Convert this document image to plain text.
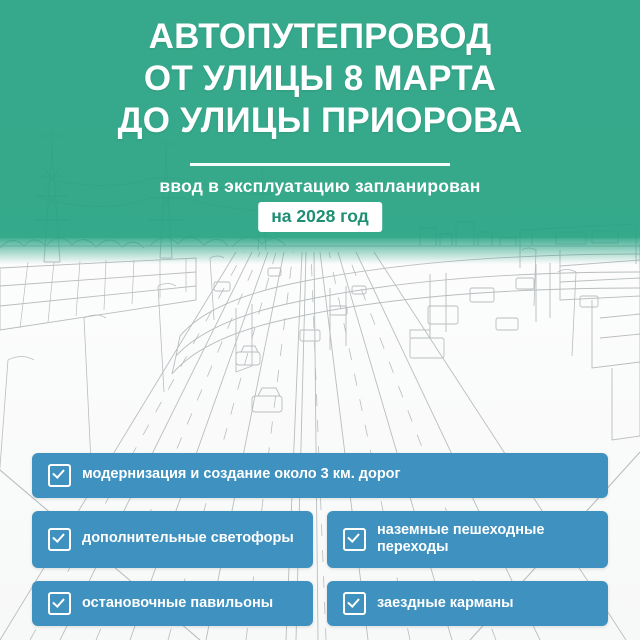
АВТОПУТЕПРОВОД
ОТ УЛИЦЫ 8 МАРТА
ДО УЛИЦЫ ПРИОРОВА
ввод в эксплуатацию запланирован
на 2028 год
модернизация и создание около 3 км. дорог
дополнительные светофоры
наземные пешеходные переходы
остановочные павильоны	заездные карманы
